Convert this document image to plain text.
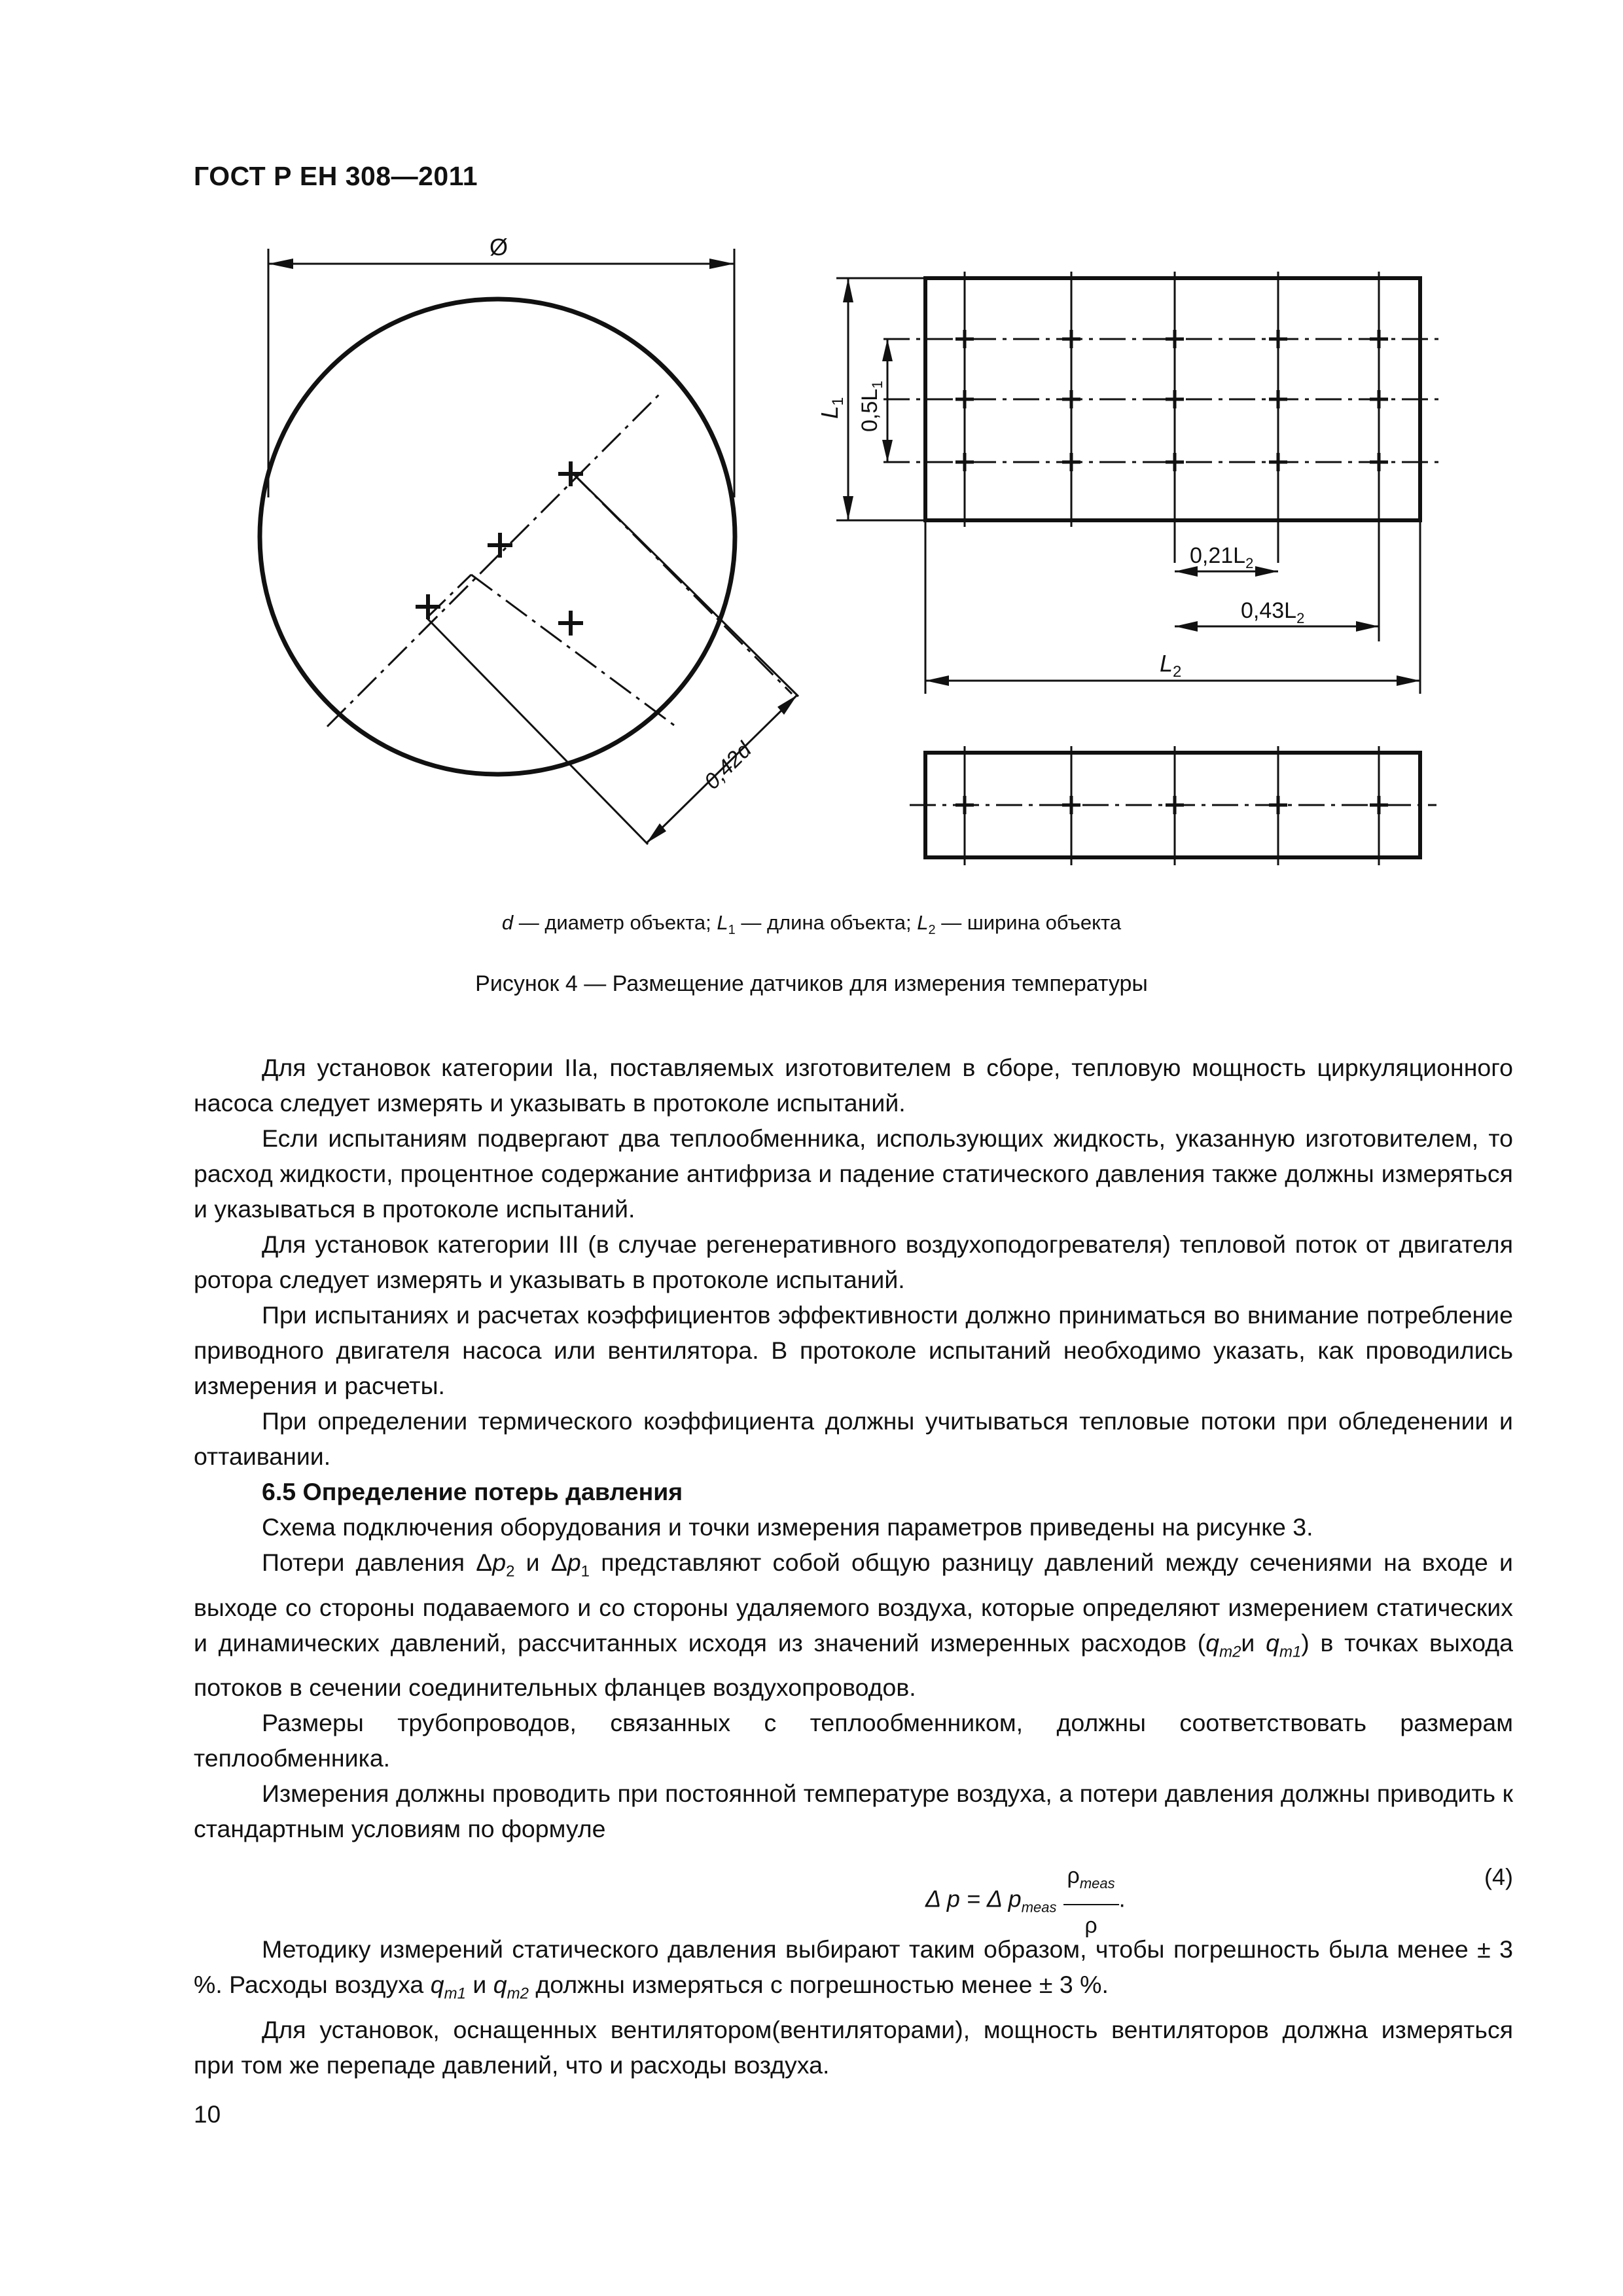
ГОСТ Р ЕН 308—2011
Ø
0,42d
$L_1$ $0,5L_1$
$0,21L_2$
$0,43L_2$
$L_2$
d — диаметр объекта; $L_1$ — длина объекта; $L_2$ — ширина объекта
Рисунок 4 — Размещение датчиков для измерения температуры

Для установок категории IIa, поставляемых изготовителем в сборе, тепловую мощность циркуляционного насоса следует измерять и указывать в протоколе испытаний.

Если испытаниям подвергают два теплообменника, использующих жидкость, указанную изготовителем, то расход жидкости, процентное содержание антифриза и падение статического давления также должны измеряться и указываться в протоколе испытаний.

Для установок категории III (в случае регенеративного воздухоподогревателя) тепловой поток от двигателя ротора следует измерять и указывать в протоколе испытаний.

При испытаниях и расчетах коэффициентов эффективности должно приниматься во внимание потребление приводного двигателя насоса или вентилятора. В протоколе испытаний необходимо указать, как проводились измерения и расчеты.

При определении термического коэффициента должны учитываться тепловые потоки при обледенении и оттаивании.

6.5 Определение потерь давления

Схема подключения оборудования и точки измерения параметров приведены на рисунке 3.

Потери давления $\Delta p_2$ и $\Delta p_1$ представляют собой общую разницу давлений между сечениями на входе и выходе со стороны подаваемого и со стороны удаляемого воздуха, которые определяют измерением статических и динамических давлений, рассчитанных исходя из значений измеренных расходов ($q_{m2}и$ $q_{m1}$) в точках выхода потоков в сечении соединительных фланцев воздухопроводов.

Размеры трубопроводов, связанных с теплообменником, должны соответствовать размерам теплообменника.

Измерения должны проводить при постоянной температуре воздуха, а потери давления должны приводить к стандартным условиям по формуле

Δ p = Δ $p_{meas} \frac{\rho_{meas}}{\rho}$ .
(4)

Методику измерений статического давления выбирают таким образом, чтобы погрешность была менее ± 3 %. Расходы воздуха $q_{m1}$ и $q_{m2}$ должны измеряться с погрешностью менее ± 3 %.

Для установок, оснащенных вентилятором(вентиляторами), мощность вентиляторов должна измеряться при том же перепаде давлений, что и расходы воздуха.

10
